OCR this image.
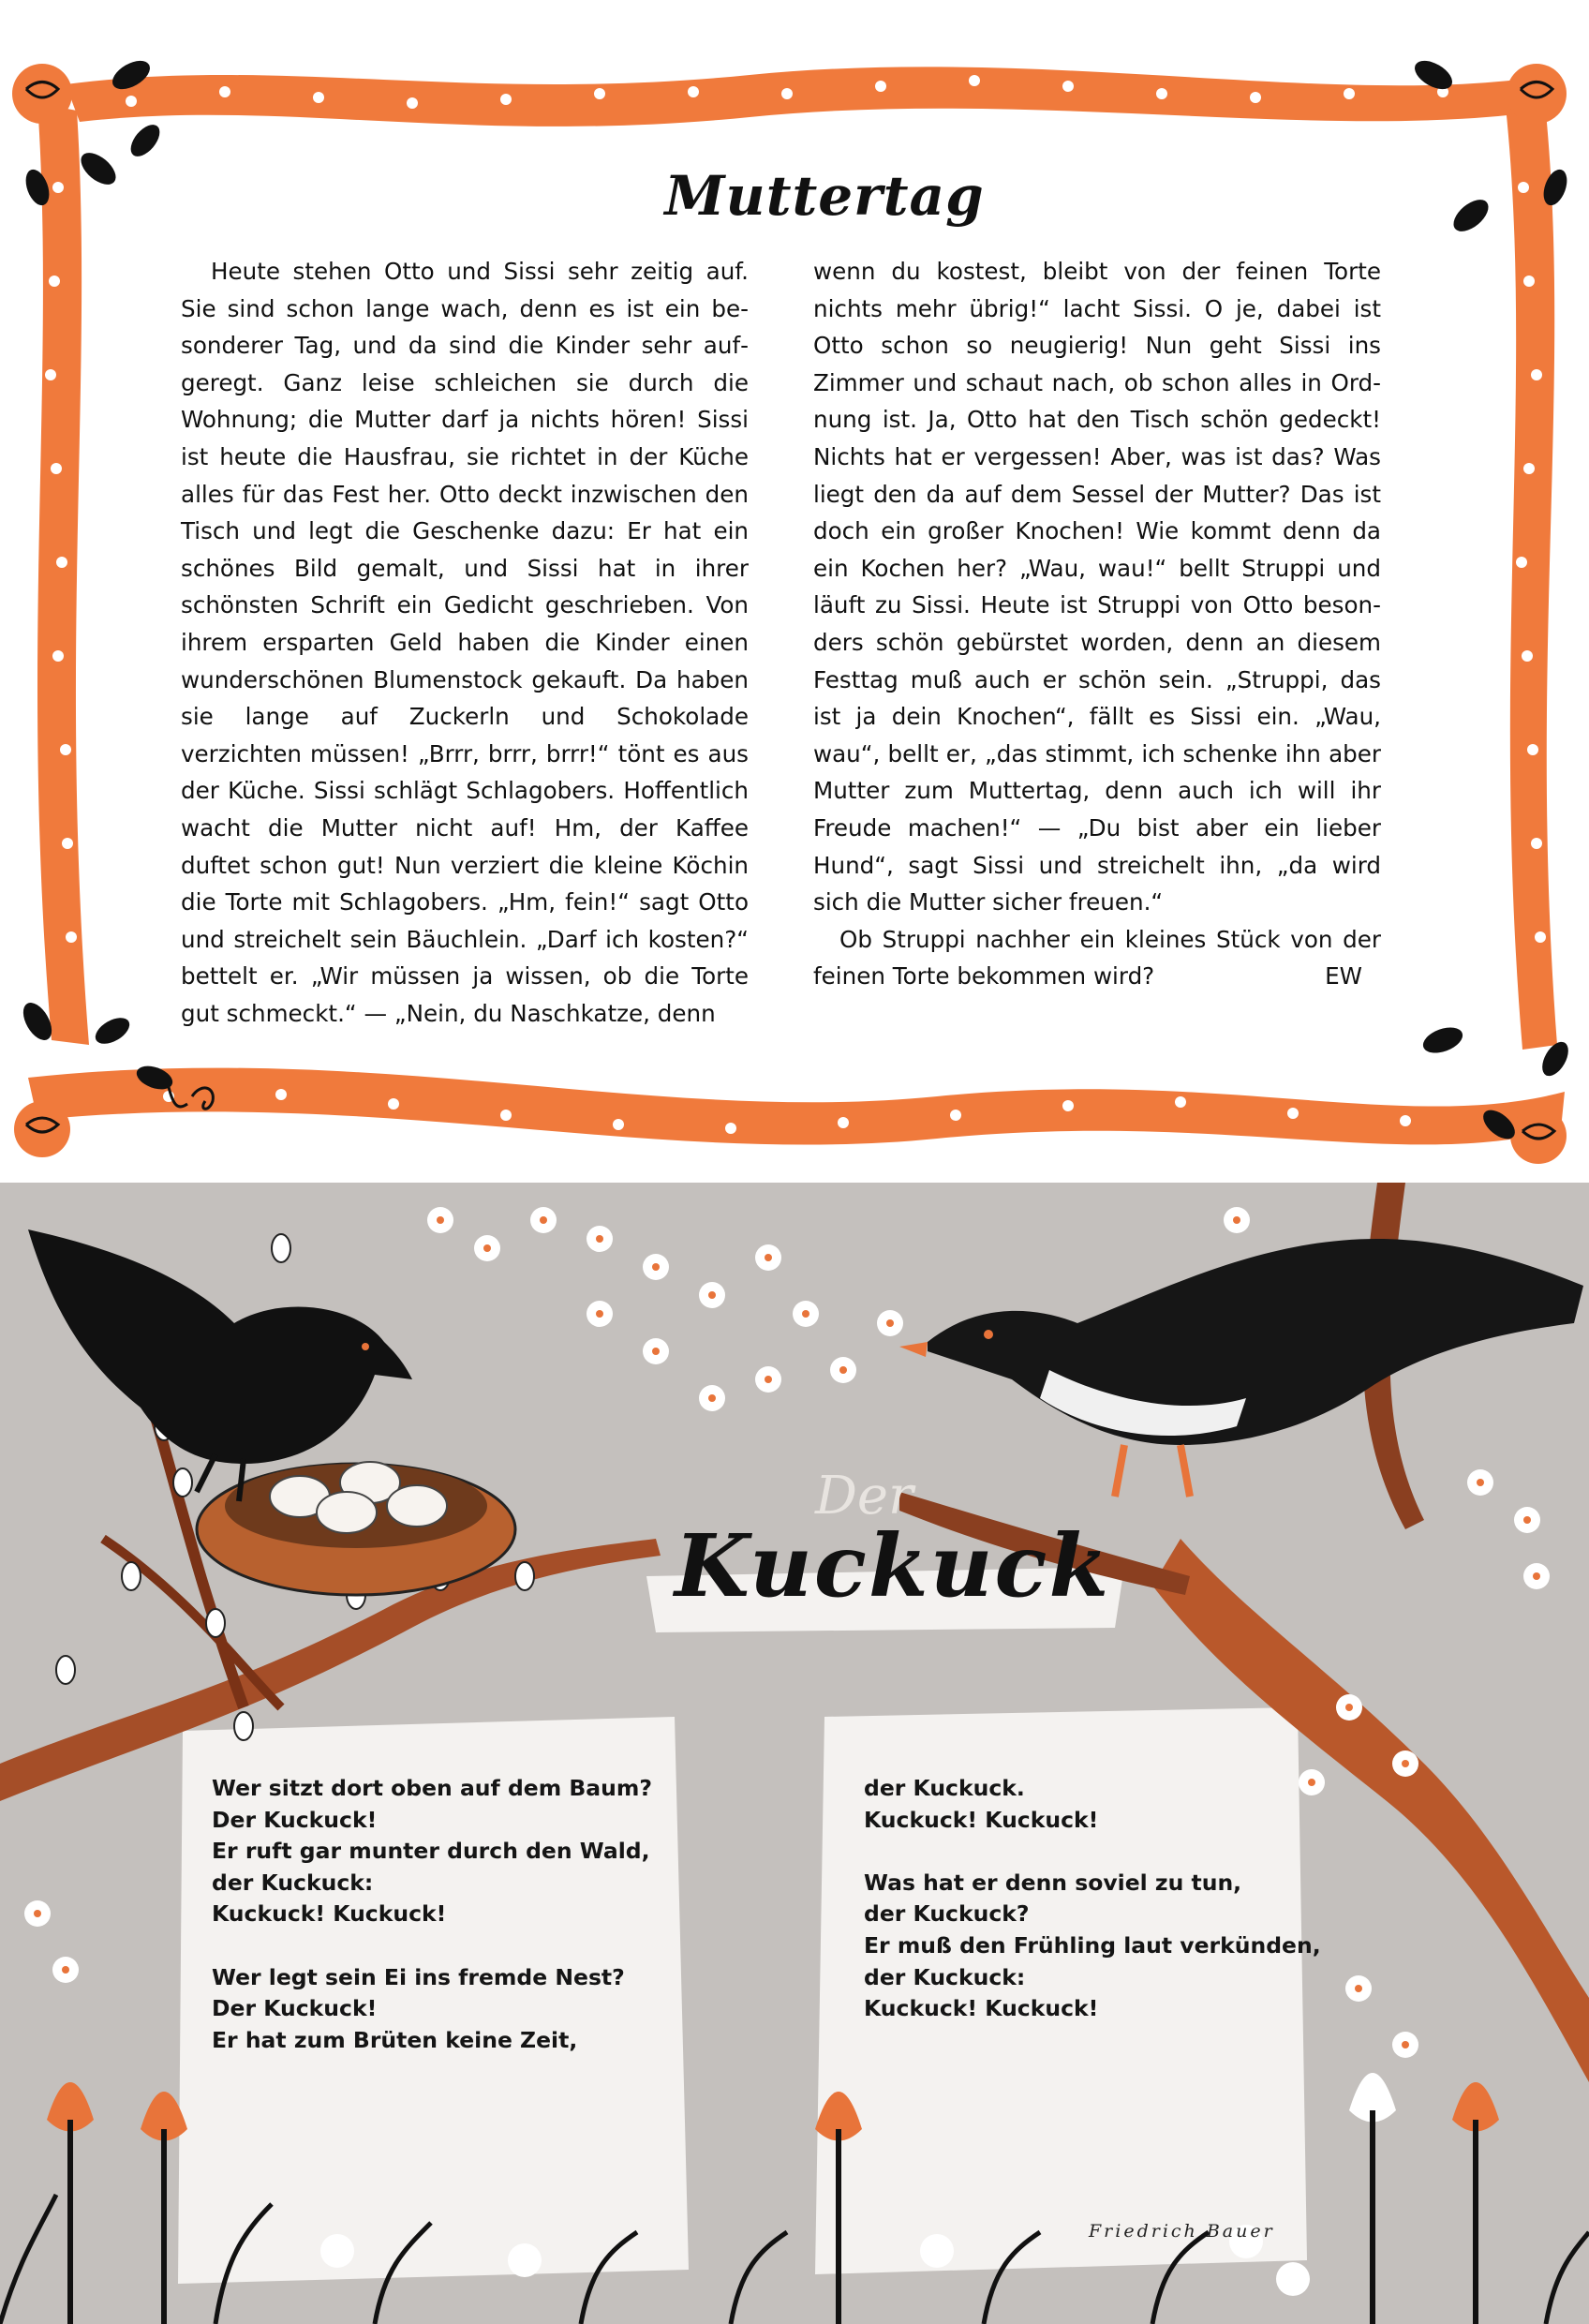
Muttertag

Heute stehen Otto und Sissi sehr zeitig auf. Sie sind schon lange wach, denn es ist ein besonderer Tag, und da sind die Kinder sehr aufgeregt. Ganz leise schleichen sie durch die Wohnung; die Mutter darf ja nichts hören! Sissi ist heute die Hausfrau, sie richtet in der Küche alles für das Fest her. Otto deckt inzwischen den Tisch und legt die Geschenke dazu: Er hat ein schönes Bild gemalt, und Sissi hat in ihrer schönsten Schrift ein Gedicht geschrieben. Von ihrem ersparten Geld haben die Kinder einen wunderschönen Blumenstock gekauft. Da haben sie lange auf Zuckerln und Schokolade verzichten müssen! „Brrr, brrr, brrr!“ tönt es aus der Küche. Sissi schlägt Schlagobers. Hoffentlich wacht die Mutter nicht auf! Hm, der Kaffee duftet schon gut! Nun verziert die kleine Köchin die Torte mit Schlagobers. „Hm, fein!“ sagt Otto und streichelt sein Bäuchlein. „Darf ich kosten?“ bettelt er. „Wir müssen ja wissen, ob die Torte gut schmeckt.“ — „Nein, du Naschkatze, denn

wenn du kostest, bleibt von der feinen Torte nichts mehr übrig!“ lacht Sissi. O je, dabei ist Otto schon so neugierig! Nun geht Sissi ins Zimmer und schaut nach, ob schon alles in Ordnung ist. Ja, Otto hat den Tisch schön gedeckt! Nichts hat er vergessen! Aber, was ist das? Was liegt den da auf dem Sessel der Mutter? Das ist doch ein großer Knochen! Wie kommt denn da ein Kochen her? „Wau, wau!“ bellt Struppi und läuft zu Sissi. Heute ist Struppi von Otto besonders schön gebürstet worden, denn an diesem Festtag muß auch er schön sein. „Struppi, das ist ja dein Knochen“, fällt es Sissi ein. „Wau, wau“, bellt er, „das stimmt, ich schenke ihn aber Mutter zum Muttertag, denn auch ich will ihr Freude machen!“ — „Du bist aber ein lieber Hund“, sagt Sissi und streichelt ihn, „da wird sich die Mutter sicher freuen.“

Ob Struppi nachher ein kleines Stück von der feinen Torte bekommen wird?	EW

Der
Kuckuck
Wer sitzt dort oben auf dem Baum?
Der Kuckuck!
Er ruft gar munter durch den Wald,
der Kuckuck:
Kuckuck! Kuckuck!
Wer legt sein Ei ins fremde Nest?
Der Kuckuck!
Er hat zum Brüten keine Zeit,
der Kuckuck.
Kuckuck! Kuckuck!
Was hat er denn soviel zu tun,
der Kuckuck?
Er muß den Frühling laut verkünden,
der Kuckuck:
Kuckuck! Kuckuck!
Friedrich Bauer
